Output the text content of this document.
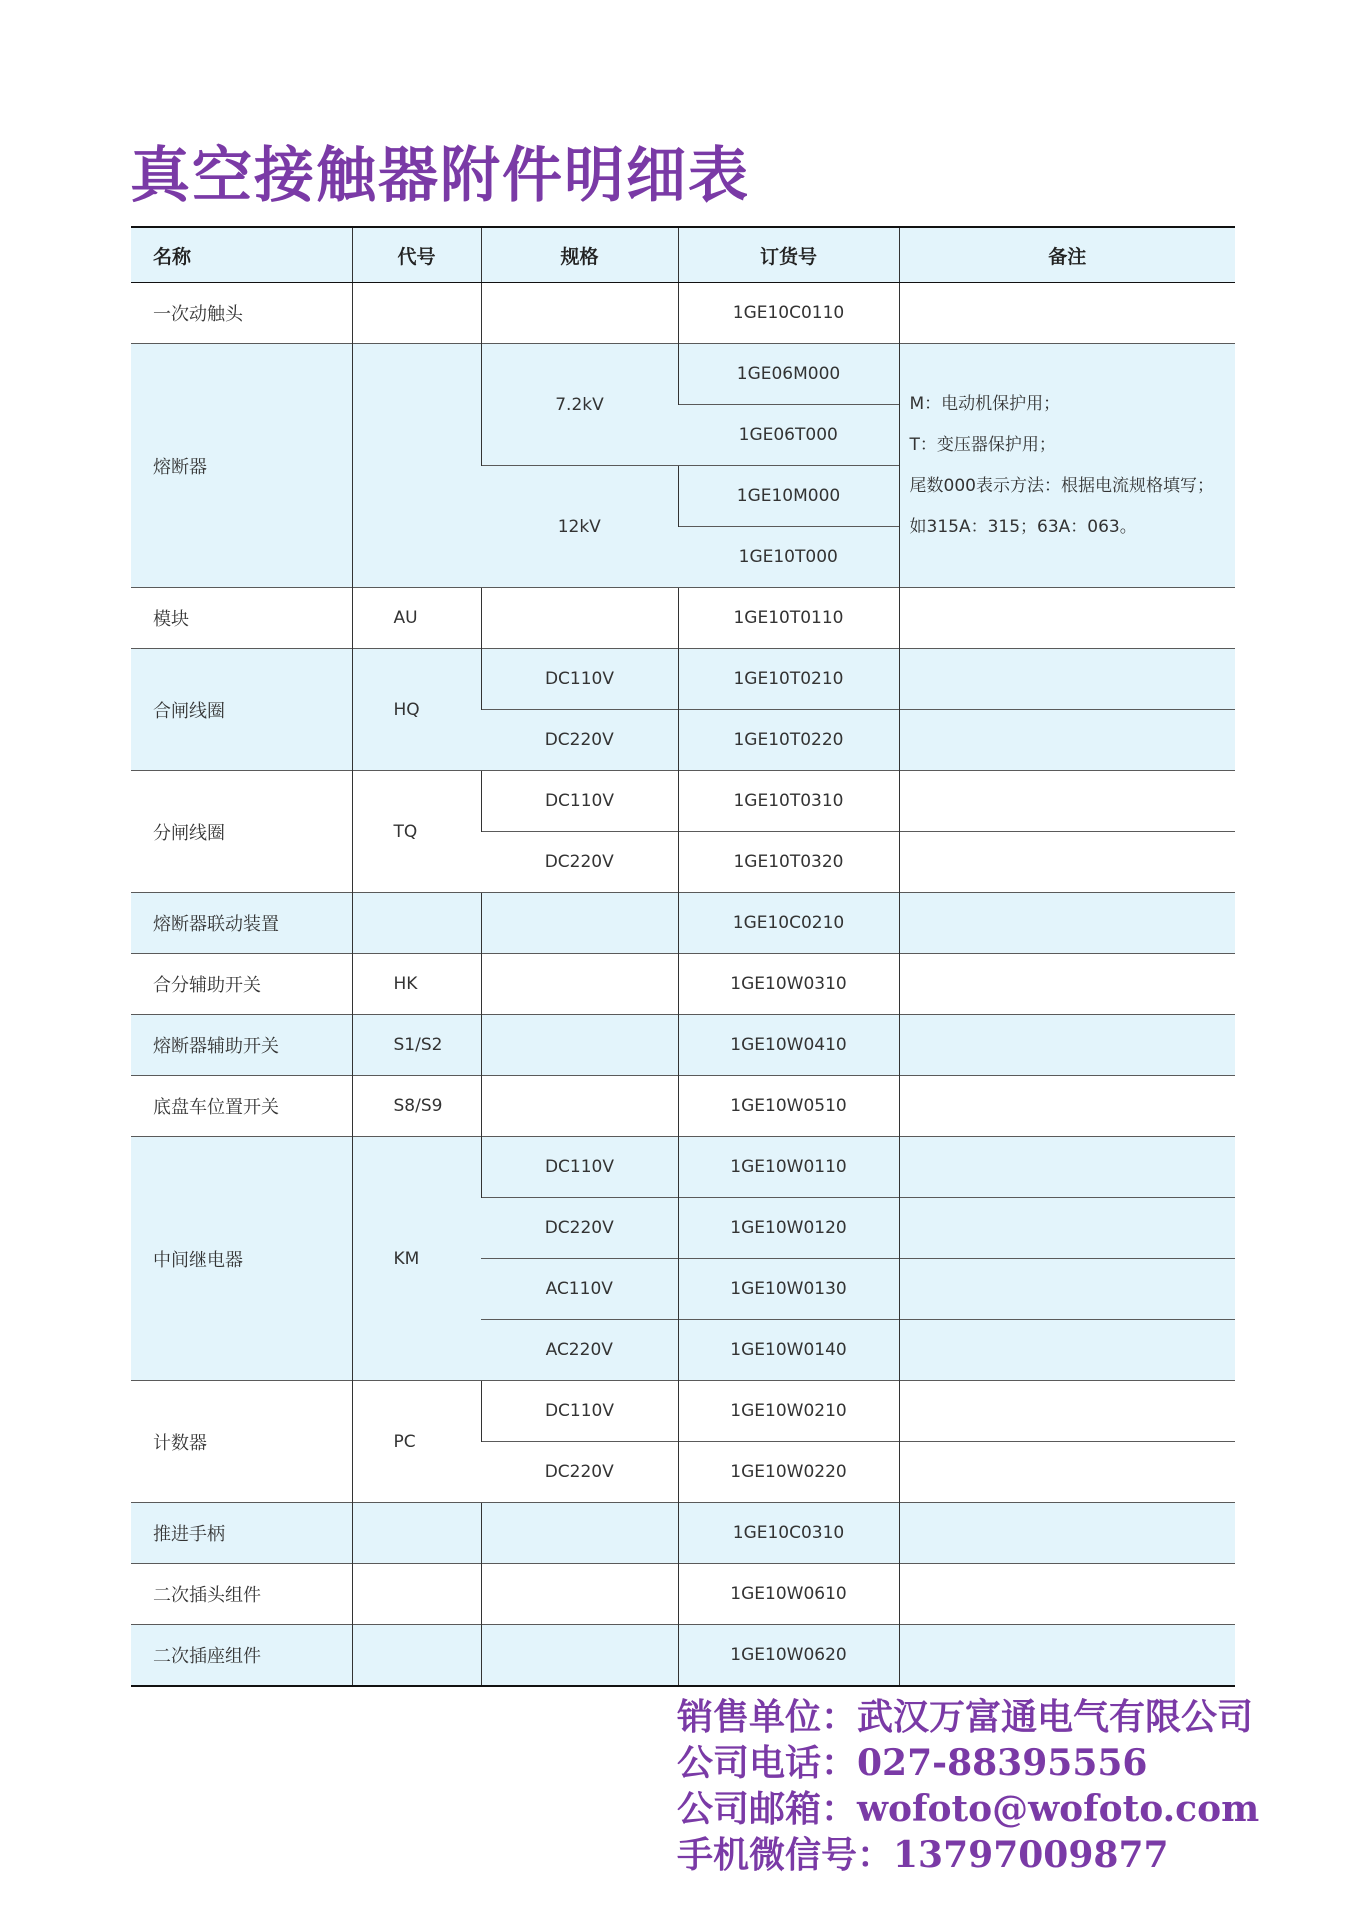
真空接触器附件明细表
名称	代号	规格	订货号	备注
一次动触头			1GE10C0110	
熔断器		7.2kV	1GE06M000	M：电动机保护用；
T：变压器保护用；
尾数000表示方法：根据电流规格填写；
如315A：315；63A：063。

			1GE06T000	
		12kV	1GE10M000	
			1GE10T000	
模块	AU		1GE10T0110	
合闸线圈	HQ	DC110V	1GE10T0210	
		DC220V	1GE10T0220	
分闸线圈	TQ	DC110V	1GE10T0310	
		DC220V	1GE10T0320	
熔断器联动装置			1GE10C0210	
合分辅助开关	HK		1GE10W0310	
熔断器辅助开关	S1/S2		1GE10W0410	
底盘车位置开关	S8/S9		1GE10W0510	
中间继电器	KM	DC110V	1GE10W0110	
		DC220V	1GE10W0120	
		AC110V	1GE10W0130	
		AC220V	1GE10W0140	
计数器	PC	DC110V	1GE10W0210	
		DC220V	1GE10W0220	
推进手柄			1GE10C0310	
二次插头组件			1GE10W0610	
二次插座组件			1GE10W0620	
销售单位：武汉万富通电气有限公司
公司电话：027-88395556
公司邮箱：wofoto@wofoto.com
手机微信号：13797009877
